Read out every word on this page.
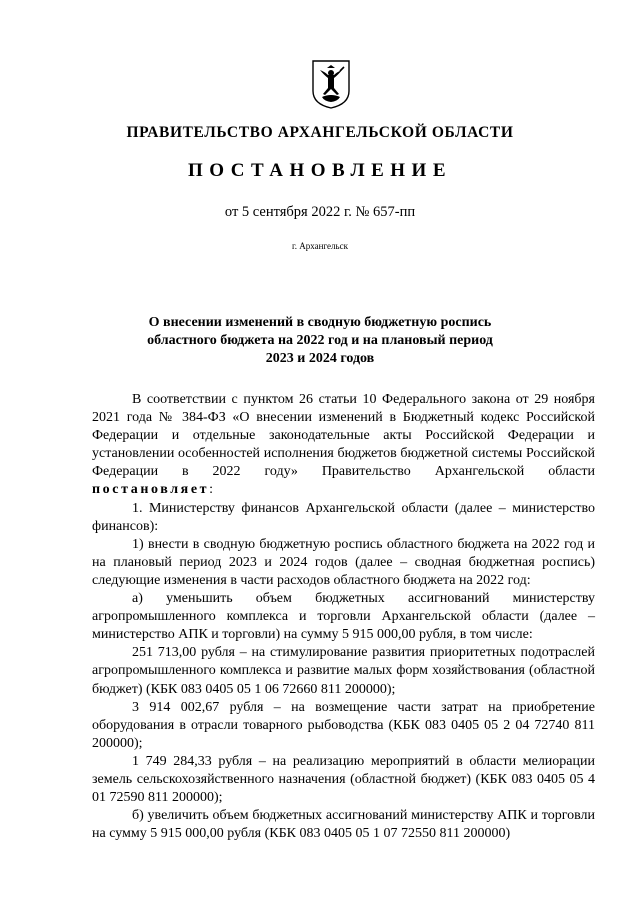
ПРАВИТЕЛЬСТВО АРХАНГЕЛЬСКОЙ ОБЛАСТИ
ПОСТАНОВЛЕНИЕ
от 5 сентября 2022 г. № 657-пп
г. Архангельск
О внесении изменений в сводную бюджетную роспись
областного бюджета на 2022 год и на плановый период
2023 и 2024 годов

В соответствии с пунктом 26 статьи 10 Федерального закона от 29 ноября 2021 года № 384-ФЗ «О внесении изменений в Бюджетный кодекс Российской Федерации и отдельные законодательные акты Российской Федерации и установлении особенностей исполнения бюджетов бюджетной системы Российской Федерации в 2022 году» Правительство Архангельской области постановляет:

1. Министерству финансов Архангельской области (далее – министерство финансов):

1) внести в сводную бюджетную роспись областного бюджета на 2022 год и на плановый период 2023 и 2024 годов (далее – сводная бюджетная роспись) следующие изменения в части расходов областного бюджета на 2022 год:

а) уменьшить объем бюджетных ассигнований министерству агропромышленного комплекса и торговли Архангельской области (далее – министерство АПК и торговли) на сумму 5 915 000,00 рубля, в том числе:

251 713,00 рубля – на стимулирование развития приоритетных подотраслей агропромышленного комплекса и развитие малых форм хозяйствования (областной бюджет) (КБК 083 0405 05 1 06 72660 811 200000);

3 914 002,67 рубля – на возмещение части затрат на приобретение оборудования в отрасли товарного рыбоводства (КБК 083 0405 05 2 04 72740 811 200000);

1 749 284,33 рубля – на реализацию мероприятий в области мелиорации земель сельскохозяйственного назначения (областной бюджет) (КБК 083 0405 05 4 01 72590 811 200000);

б) увеличить объем бюджетных ассигнований министерству АПК и торговли на сумму 5 915 000,00 рубля (КБК 083 0405 05 1 07 72550 811 200000)
